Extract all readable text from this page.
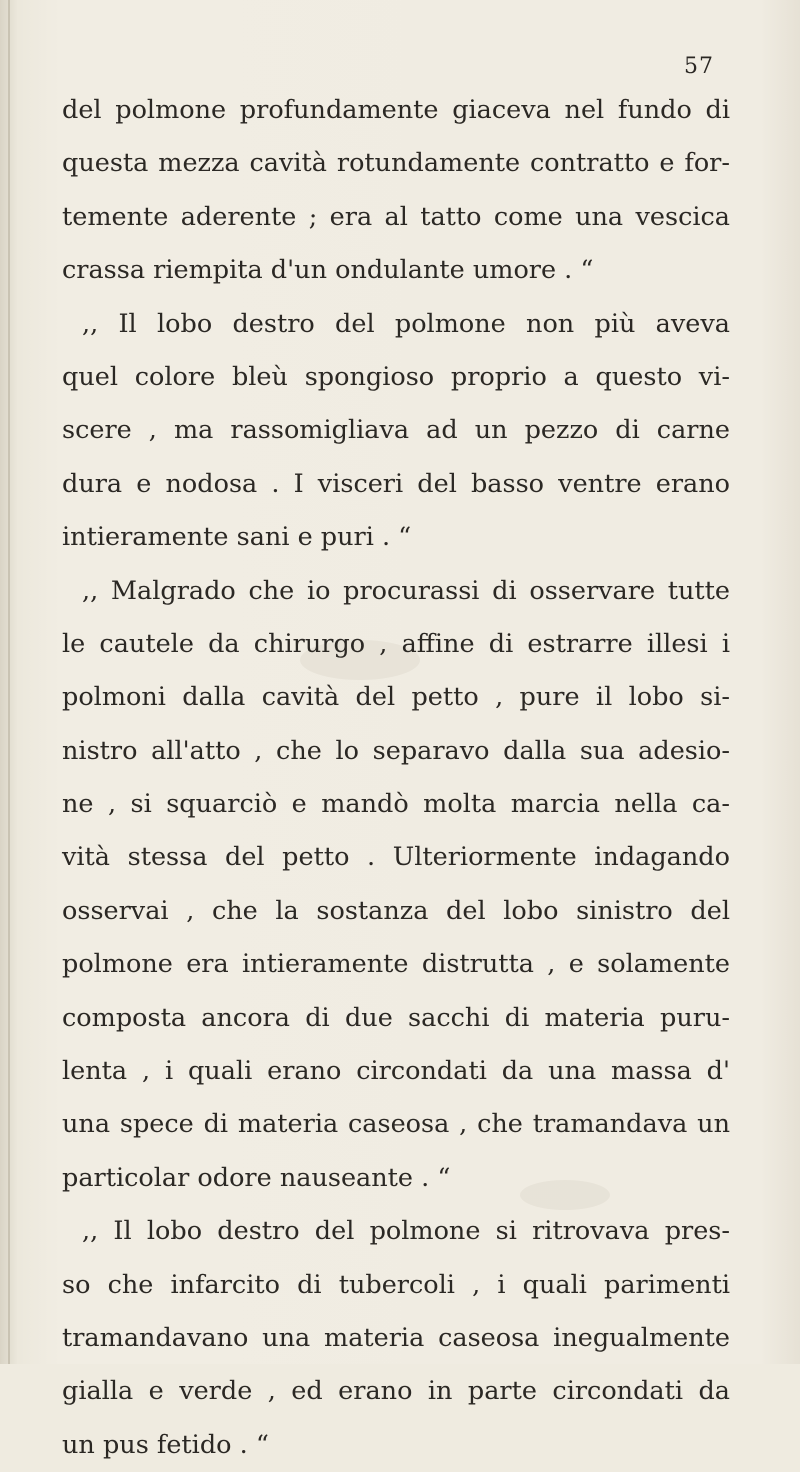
57
del polmone profundamente giaceva nel fundo di
questa mezza cavità rotundamente contratto e for-
temente aderente ; era al tatto come una vescica
crassa riempita d'un ondulante umore . “
,, Il lobo destro del polmone non più aveva
quel colore bleù spongioso proprio a questo vi-
scere , ma rassomigliava ad un pezzo di carne
dura e nodosa . I visceri del basso ventre erano
intieramente sani e puri . “
,, Malgrado che io procurassi di osservare tutte
le cautele da chirurgo , affine di estrarre illesi i
polmoni dalla cavità del petto , pure il lobo si-
nistro all'atto , che lo separavo dalla sua adesio-
ne , si squarciò e mandò molta marcia nella ca-
vità stessa del petto . Ulteriormente indagando
osservai , che la sostanza del lobo sinistro del
polmone era intieramente distrutta , e solamente
composta ancora di due sacchi di materia puru-
lenta , i quali erano circondati da una massa d'
una spece di materia caseosa , che tramandava un
particolar odore nauseante . “
,, Il lobo destro del polmone si ritrovava pres-
so che infarcito di tubercoli , i quali parimenti
tramandavano una materia caseosa inegualmente
gialla e verde , ed erano in parte circondati da
un pus fetido . “
